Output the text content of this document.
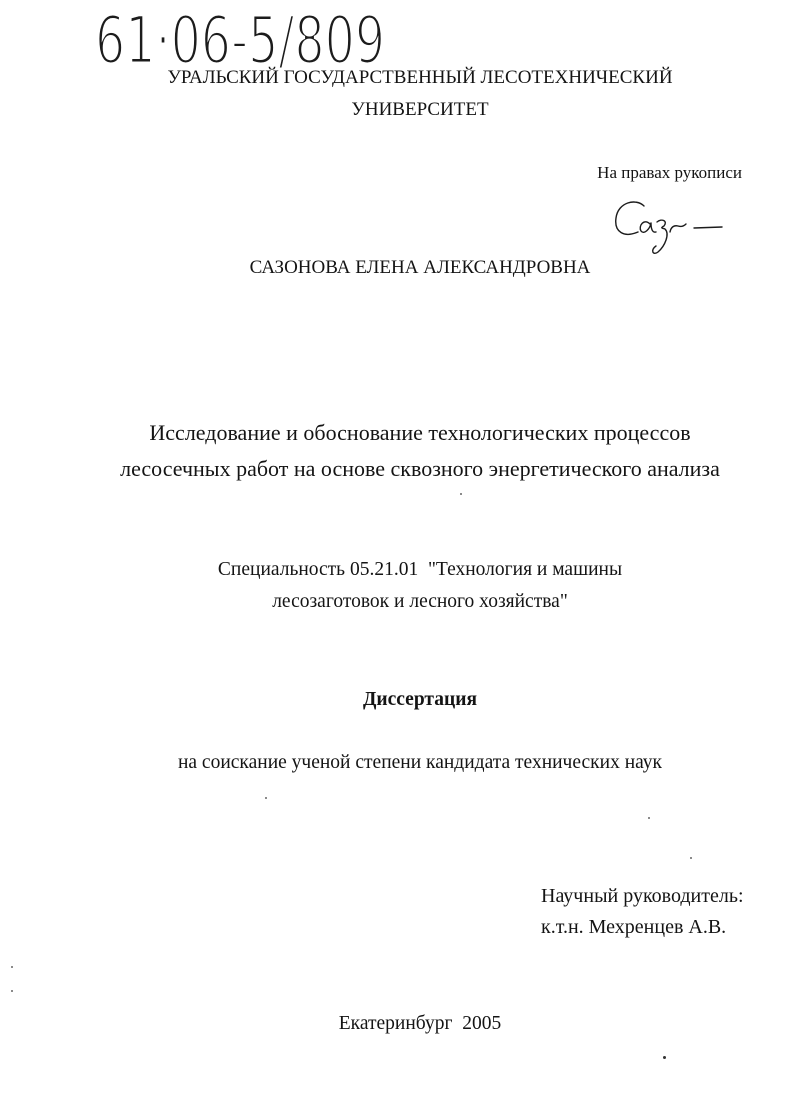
61·06-5/809
УРАЛЬСКИЙ ГОСУДАРСТВЕННЫЙ ЛЕСОТЕХНИЧЕСКИЙ
УНИВЕРСИТЕТ
На правах рукописи
САЗОНОВА ЕЛЕНА АЛЕКСАНДРОВНА
Исследование и обоснование технологических процессов
лесосечных работ на основе сквозного энергетического анализа
Специальность 05.21.01  "Технология и машины
лесозаготовок и лесного хозяйства"
Диссертация
на соискание ученой степени кандидата технических наук
Научный руководитель:
к.т.н. Мехренцев А.В.
Екатеринбург  2005
